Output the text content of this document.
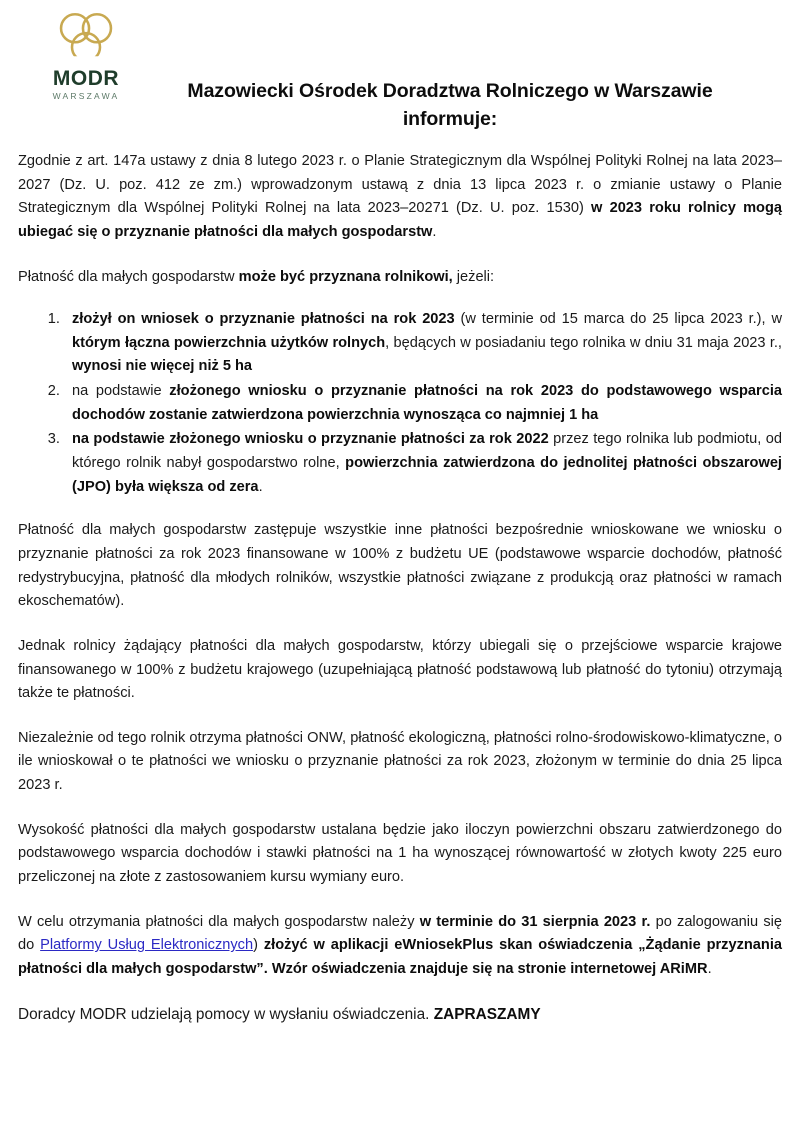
MODR
WARSZAWA	Mazowiecki Ośrodek Doradztwa Rolniczego w Warszawie
informuje:

Zgodnie z art. 147a ustawy z dnia 8 lutego 2023 r. o Planie Strategicznym dla Wspólnej Polityki Rolnej na lata 2023–2027 (Dz. U. poz. 412 ze zm.) wprowadzonym ustawą z dnia 13 lipca 2023 r. o zmianie ustawy o Planie Strategicznym dla Wspólnej Polityki Rolnej na lata 2023–20271 (Dz. U. poz. 1530) w 2023 roku rolnicy mogą ubiegać się o przyznanie płatności dla małych gospodarstw.

Płatność dla małych gospodarstw może być przyznana rolnikowi, jeżeli:

1. złożył on wniosek o przyznanie płatności na rok 2023 (w terminie od 15 marca do 25 lipca 2023 r.), w którym łączna powierzchnia użytków rolnych, będących w posiadaniu tego rolnika w dniu 31 maja 2023 r., wynosi nie więcej niż 5 ha
2. na podstawie złożonego wniosku o przyznanie płatności na rok 2023 do podstawowego wsparcia dochodów zostanie zatwierdzona powierzchnia wynosząca co najmniej 1 ha
3. na podstawie złożonego wniosku o przyznanie płatności za rok 2022 przez tego rolnika lub podmiotu, od którego rolnik nabył gospodarstwo rolne, powierzchnia zatwierdzona do jednolitej płatności obszarowej (JPO) była większa od zera.

Płatność dla małych gospodarstw zastępuje wszystkie inne płatności bezpośrednie wnioskowane we wniosku o przyznanie płatności za rok 2023 finansowane w 100% z budżetu UE (podstawowe wsparcie dochodów, płatność redystrybucyjna, płatność dla młodych rolników, wszystkie płatności związane z produkcją oraz płatności w ramach ekoschematów).

Jednak rolnicy żądający płatności dla małych gospodarstw, którzy ubiegali się o przejściowe wsparcie krajowe finansowanego w 100% z budżetu krajowego (uzupełniającą płatność podstawową lub płatność do tytoniu) otrzymają także te płatności.

Niezależnie od tego rolnik otrzyma płatności ONW, płatność ekologiczną, płatności rolno-środowiskowo-klimatyczne, o ile wnioskował o te płatności we wniosku o przyznanie płatności za rok 2023, złożonym w terminie do dnia 25 lipca 2023 r.

Wysokość płatności dla małych gospodarstw ustalana będzie jako iloczyn powierzchni obszaru zatwierdzonego do podstawowego wsparcia dochodów i stawki płatności na 1 ha wynoszącej równowartość w złotych kwoty 225 euro przeliczonej na złote z zastosowaniem kursu wymiany euro.

W celu otrzymania płatności dla małych gospodarstw należy w terminie do 31 sierpnia 2023 r. po zalogowaniu się do Platformy Usług Elektronicznych) złożyć w aplikacji eWniosekPlus skan oświadczenia „Żądanie przyznania płatności dla małych gospodarstw”. Wzór oświadczenia znajduje się na stronie internetowej ARiMR.

Doradcy MODR udzielają pomocy w wysłaniu oświadczenia. ZAPRASZAMY
